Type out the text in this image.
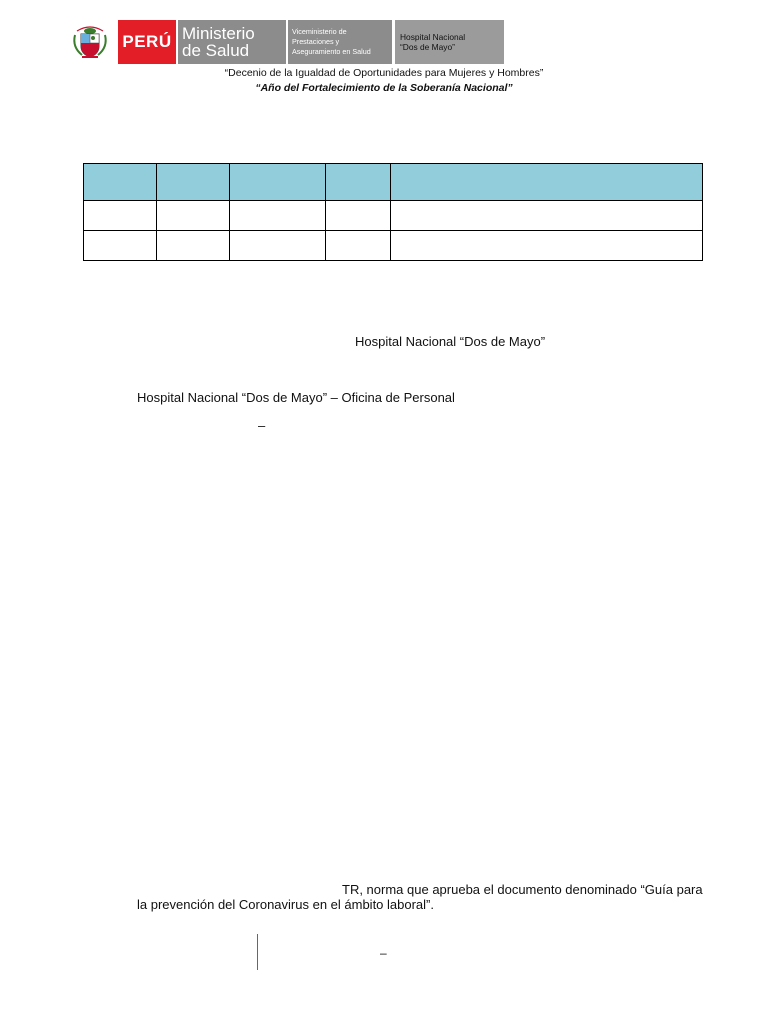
PERÚ Ministerio
de Salud
Viceministerio de
Prestaciones y
Aseguramiento en Salud
Hospital Nacional
“Dos de Mayo”
“Decenio de la Igualdad de Oportunidades para Mujeres y Hombres”
“Año del Fortalecimiento de la Soberanía Nacional”

Hospital Nacional “Dos de Mayo”
Hospital Nacional “Dos de Mayo” – Oficina de Personal
–
TR, norma que aprueba el documento denominado “Guía para
la prevención del Coronavirus en el ámbito laboral”.
–
